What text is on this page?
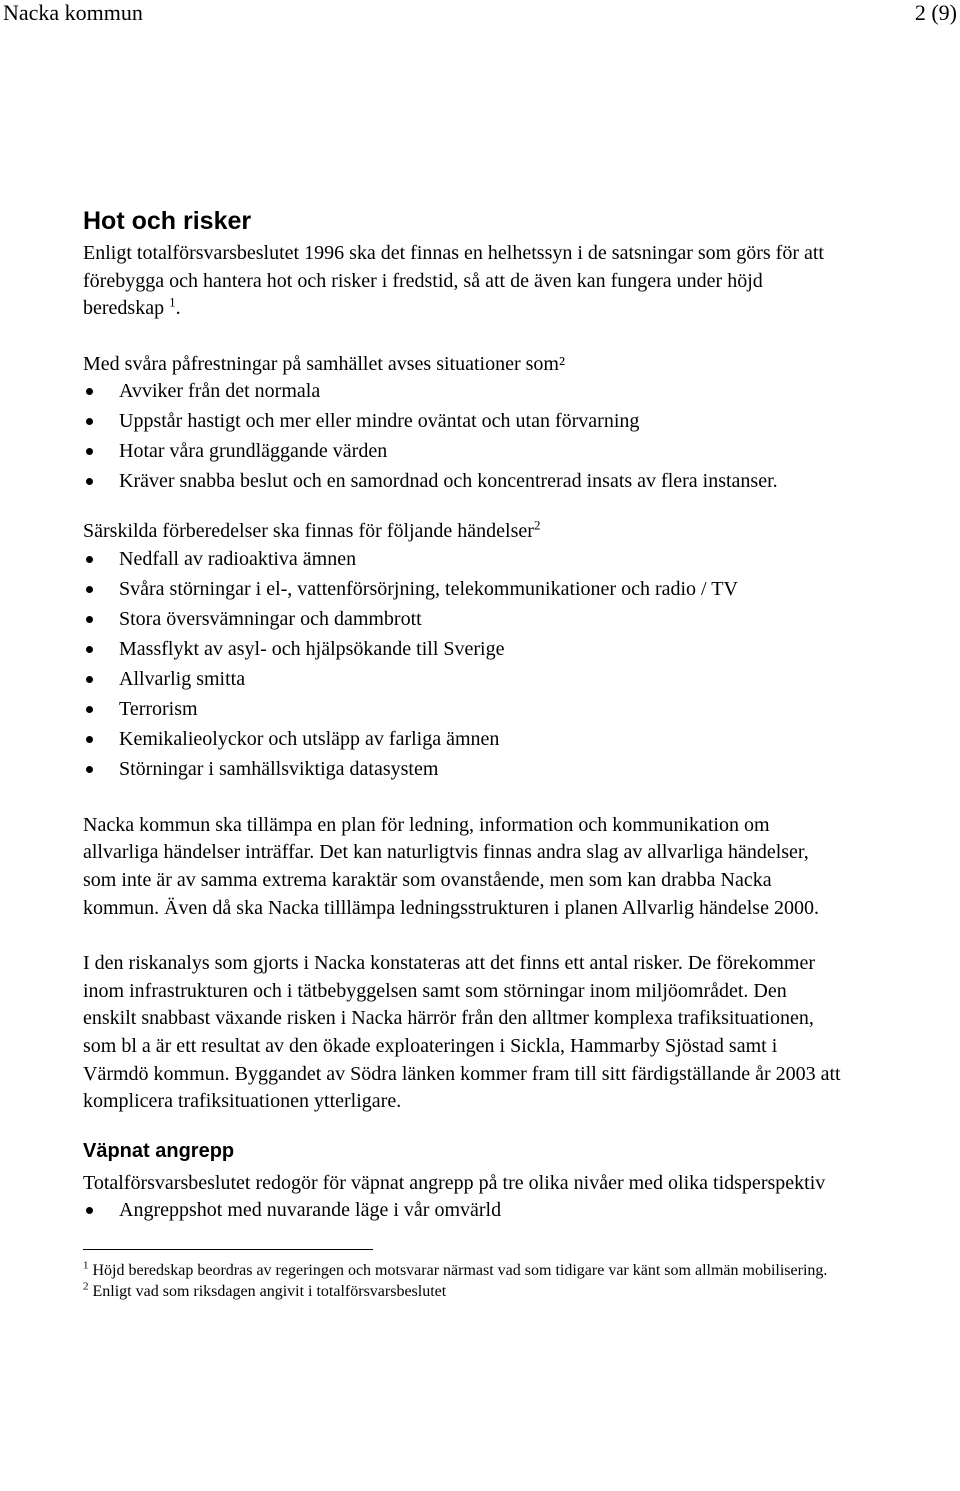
Nacka kommun	2 (9)
Hot och risker

Enligt totalförsvarsbeslutet 1996 ska det finnas en helhetssyn i de satsningar som görs för att förebygga och hantera hot och risker i fredstid, så att de även kan fungera under höjd beredskap $^1$.

Med svåra påfrestningar på samhället avses situationer som²

Avviker från det normala
Uppstår hastigt och mer eller mindre oväntat och utan förvarning
Hotar våra grundläggande värden
Kräver snabba beslut och en samordnad och koncentrerad insats av flera instanser.

Särskilda förberedelser ska finnas för följande händelser$^2$

Nedfall av radioaktiva ämnen
Svåra störningar i el-, vattenförsörjning, telekommunikationer och radio / TV
Stora översvämningar och dammbrott
Massflykt av asyl- och hjälpsökande till Sverige
Allvarlig smitta
Terrorism
Kemikalieolyckor och utsläpp av farliga ämnen
Störningar i samhällsviktiga datasystem

Nacka kommun ska tillämpa en plan för ledning, information och kommunikation om allvarliga händelser inträffar. Det kan naturligtvis finnas andra slag av allvarliga händelser, som inte är av samma extrema karaktär som ovanstående, men som kan drabba Nacka kommun. Även då ska Nacka tilllämpa ledningsstrukturen i planen Allvarlig händelse 2000.

I den riskanalys som gjorts i Nacka konstateras att det finns ett antal risker. De förekommer inom infrastrukturen och i tätbebyggelsen samt som störningar inom miljöområdet. Den enskilt snabbast växande risken i Nacka härrör från den alltmer komplexa trafiksituationen, som bl a är ett resultat av den ökade exploateringen i Sickla, Hammarby Sjöstad samt i Värmdö kommun. Byggandet av Södra länken kommer fram till sitt färdigställande år 2003 att komplicera trafiksituationen ytterligare.

Väpnat angrepp

Totalförsvarsbeslutet redogör för väpnat angrepp på tre olika nivåer med olika tidsperspektiv

Angreppshot med nuvarande läge i vår omvärld

$^1$ Höjd beredskap beordras av regeringen och motsvarar närmast vad som tidigare var känt som allmän mobilisering.

$^2$ Enligt vad som riksdagen angivit i totalförsvarsbeslutet
